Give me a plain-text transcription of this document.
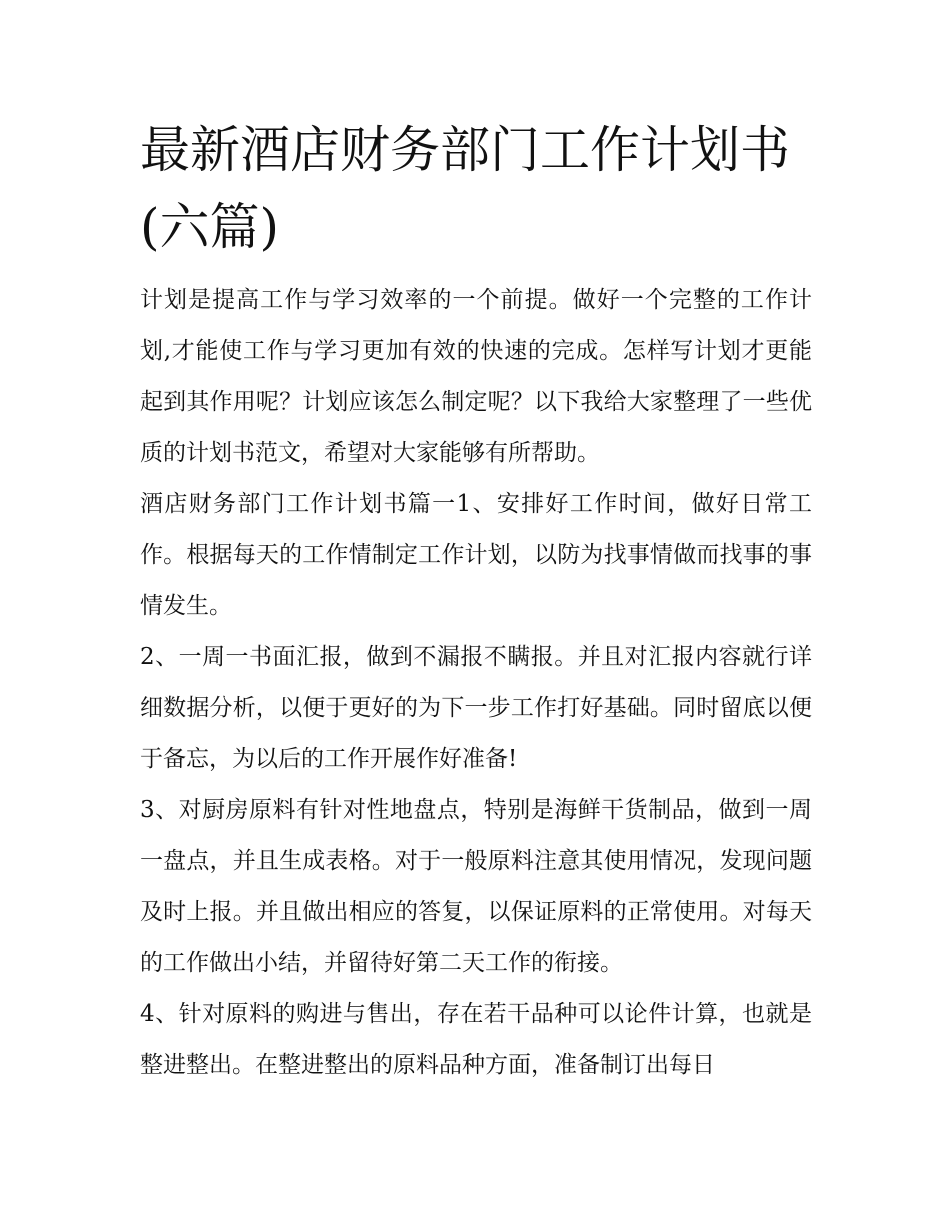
最新酒店财务部门工作计划书(六篇)

计划是提高工作与学习效率的一个前提。做好一个完整的工作计划,才能使工作与学习更加有效的快速的完成。怎样写计划才更能起到其作用呢？计划应该怎么制定呢？以下我给大家整理了一些优质的计划书范文，希望对大家能够有所帮助。

酒店财务部门工作计划书篇一1、安排好工作时间，做好日常工作。根据每天的工作情制定工作计划，以防为找事情做而找事的事情发生。

2、一周一书面汇报，做到不漏报不瞒报。并且对汇报内容就行详细数据分析，以便于更好的为下一步工作打好基础。同时留底以便于备忘，为以后的工作开展作好准备!

3、对厨房原料有针对性地盘点，特别是海鲜干货制品，做到一周一盘点，并且生成表格。对于一般原料注意其使用情况，发现问题及时上报。并且做出相应的答复，以保证原料的正常使用。对每天的工作做出小结，并留待好第二天工作的衔接。

4、针对原料的购进与售出，存在若干品种可以论件计算，也就是整进整出。在整进整出的原料品种方面，准备制订出每日
